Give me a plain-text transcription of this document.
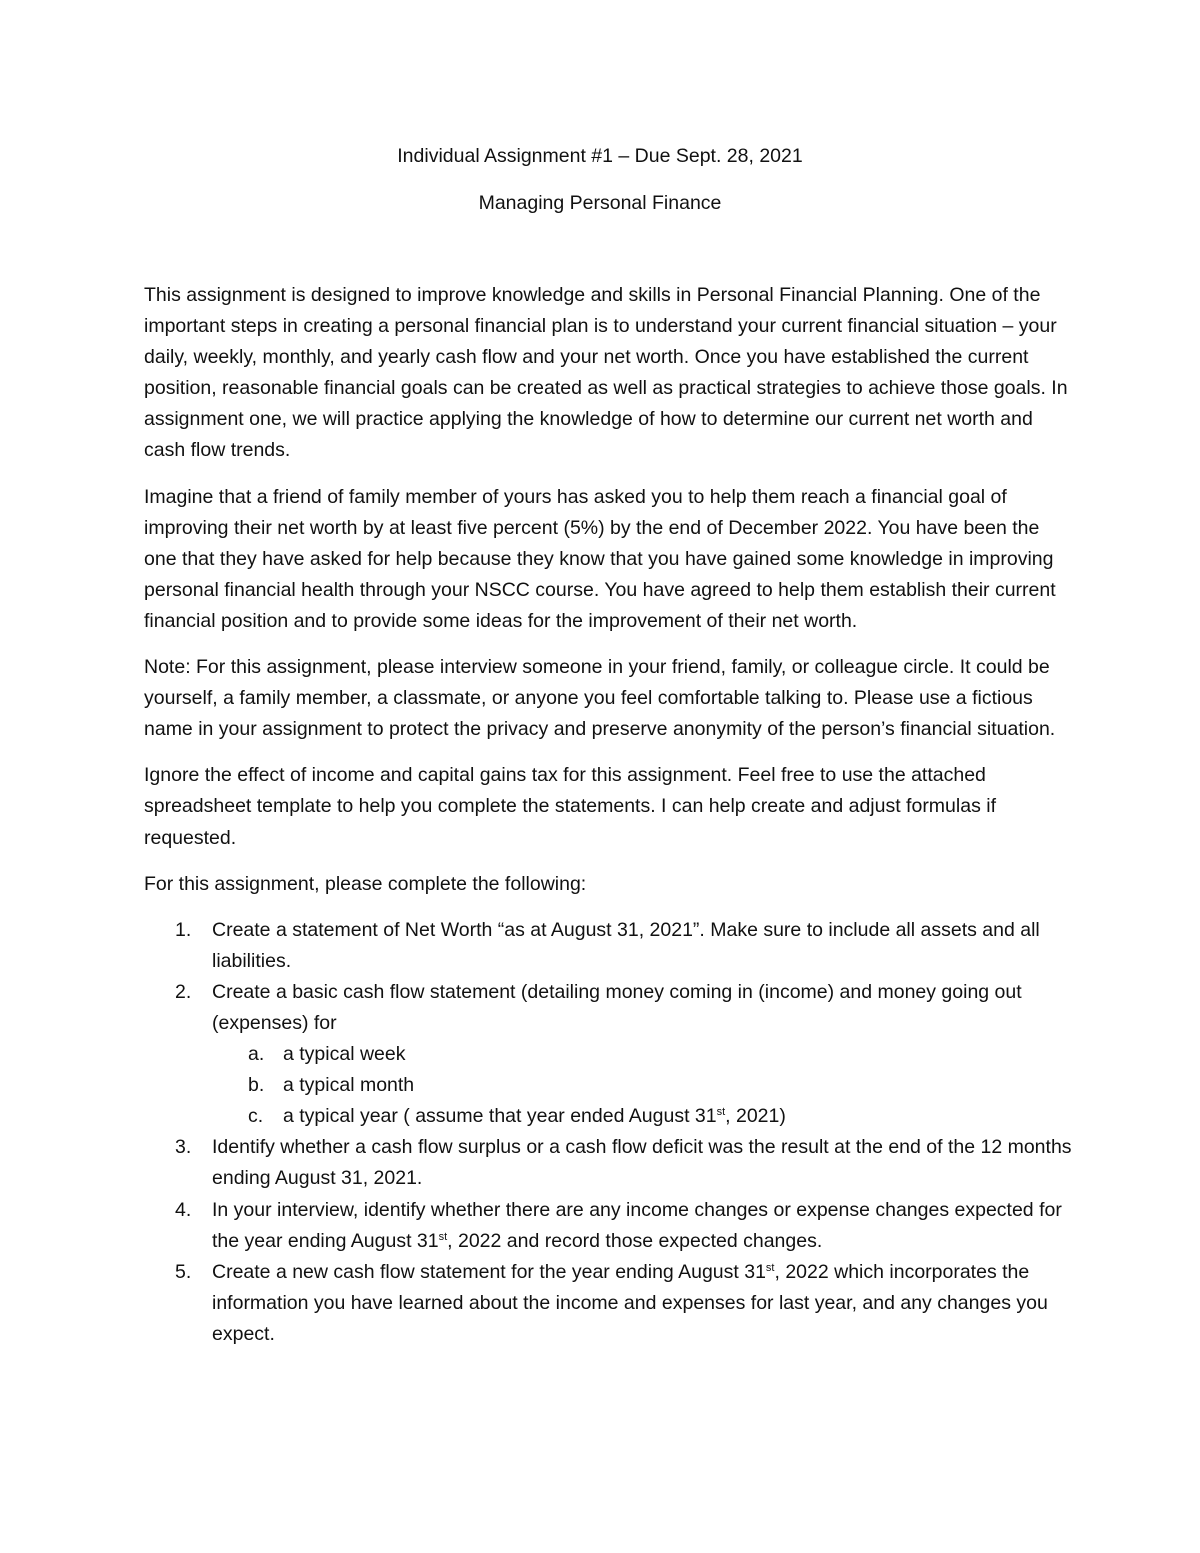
Individual Assignment #1 – Due Sept. 28, 2021
Managing Personal Finance

This assignment is designed to improve knowledge and skills in Personal Financial Planning. One of the important steps in creating a personal financial plan is to understand your current financial situation – your daily, weekly, monthly, and yearly cash flow and your net worth. Once you have established the current position, reasonable financial goals can be created as well as practical strategies to achieve those goals. In assignment one, we will practice applying the knowledge of how to determine our current net worth and cash flow trends.

Imagine that a friend of family member of yours has asked you to help them reach a financial goal of improving their net worth by at least five percent (5%) by the end of December 2022. You have been the one that they have asked for help because they know that you have gained some knowledge in improving personal financial health through your NSCC course. You have agreed to help them establish their current financial position and to provide some ideas for the improvement of their net worth.

Note: For this assignment, please interview someone in your friend, family, or colleague circle. It could be yourself, a family member, a classmate, or anyone you feel comfortable talking to. Please use a fictious name in your assignment to protect the privacy and preserve anonymity of the person’s financial situation.

Ignore the effect of income and capital gains tax for this assignment. Feel free to use the attached spreadsheet template to help you complete the statements. I can help create and adjust formulas if requested.

For this assignment, please complete the following:

1. Create a statement of Net Worth “as at August 31, 2021”. Make sure to include all assets and all liabilities.
2. Create a basic cash flow statement (detailing money coming in (income) and money going out (expenses) for
a. a typical week
b. a typical month
c. a typical year ( assume that year ended August 31st, 2021)
3. Identify whether a cash flow surplus or a cash flow deficit was the result at the end of the 12 months ending August 31, 2021.
4. In your interview, identify whether there are any income changes or expense changes expected for the year ending August 31st, 2022 and record those expected changes.
5. Create a new cash flow statement for the year ending August 31st, 2022 which incorporates the information you have learned about the income and expenses for last year, and any changes you expect.
